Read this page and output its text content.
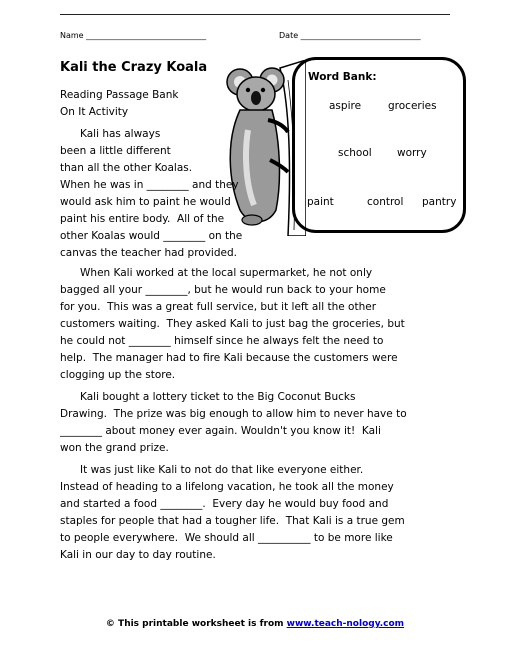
Name ______________________________	Date ______________________________
Kali the Crazy Koala
Reading Passage Bank
On It Activity
Word Bank:
aspire	groceries
school worry
paint	control pantry

Kali has always
been a little different
than all the other Koalas.
When he was in ________ and they
would ask him to paint he would
paint his entire body.  All of the
other Koalas would ________ on the
canvas the teacher had provided.

When Kali worked at the local supermarket, he not only
bagged all your ________, but he would run back to your home
for you.  This was a great full service, but it left all the other
customers waiting.  They asked Kali to just bag the groceries, but
he could not ________ himself since he always felt the need to
help.  The manager had to fire Kali because the customers were
clogging up the store.

Kali bought a lottery ticket to the Big Coconut Bucks
Drawing.  The prize was big enough to allow him to never have to
________ about money ever again. Wouldn't you know it!  Kali
won the grand prize.

It was just like Kali to not do that like everyone either.
Instead of heading to a lifelong vacation, he took all the money
and started a food ________.  Every day he would buy food and
staples for people that had a tougher life.  That Kali is a true gem
to people everywhere.  We should all __________ to be more like
Kali in our day to day routine.

© This printable worksheet is from www.teach-nology.com
